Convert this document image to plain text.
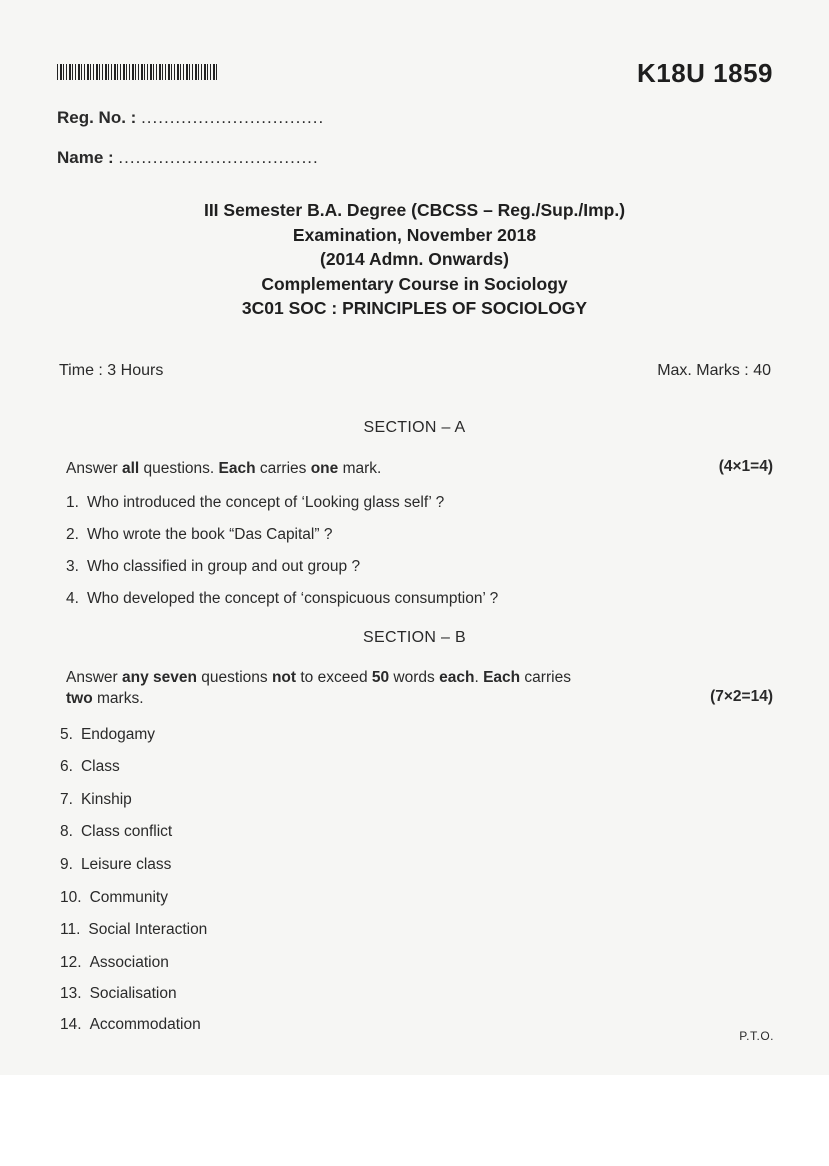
K18U 1859
Reg. No. : ................................
Name : ...................................
III Semester B.A. Degree (CBCSS – Reg./Sup./Imp.)
Examination, November 2018
(2014 Admn. Onwards)
Complementary Course in Sociology
3C01 SOC : PRINCIPLES OF SOCIOLOGY
Time : 3 Hours	Max. Marks : 40
SECTION – A
Answer all questions. Each carries one mark.	(4×1=4)
1. Who introduced the concept of ‘Looking glass self’ ?
2. Who wrote the book “Das Capital” ?
3. Who classified in group and out group ?
4. Who developed the concept of ‘conspicuous consumption’ ?
SECTION – B
Answer any seven questions not to exceed 50 words each. Each carries
two marks.	(7×2=14)
5. Endogamy
6. Class
7. Kinship
8. Class conflict
9. Leisure class
10. Community
11. Social Interaction
12. Association
13. Socialisation
14. Accommodation
P.T.O.
